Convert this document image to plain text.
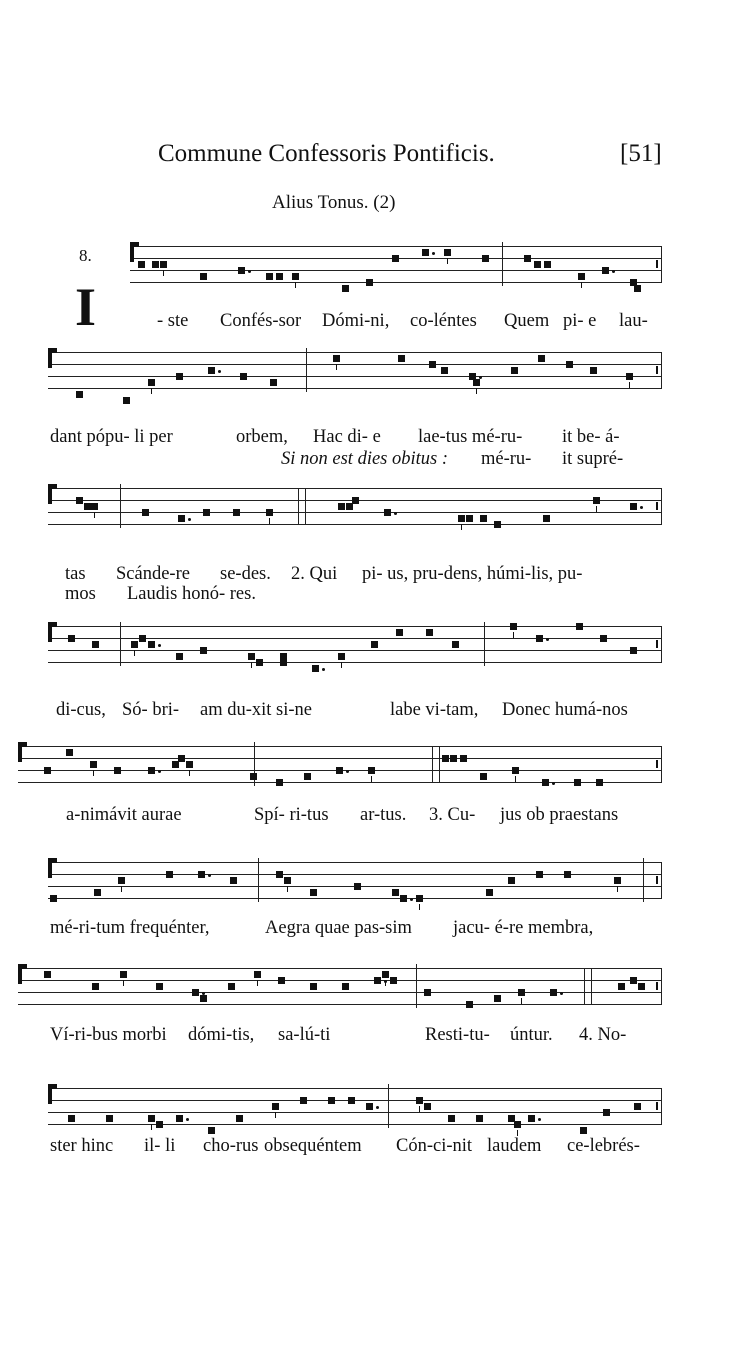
Commune Confessoris Pontificis.	[51]
Alius Tonus. (2)
8.
I	- ste Confés-sor Dómi-ni, co-léntes Quem pi- e lau-
dant pópu- li per	orbem, Hac di- e lae-tus mé-ru- it be- á-
Si non est dies obitus : mé-ru- it supré-
tas Scánde-re se-des. 2. Qui pi- us, pru-dens, húmi-lis, pu-
mos Laudis honó- res.
di-cus, Só- bri- am du-xit si-ne	labe vi-tam, Donec humá-nos
a-nimávit aurae	Spí- ri-tus ar-tus. 3. Cu- jus ob praestans
mé-ri-tum frequénter,	Aegra quae pas-sim jacu- é-re membra,
Ví-ri-bus morbi dómi-tis, sa-lú-ti	Resti-tu- úntur. 4. No-
ster hinc il- li cho-rus obsequéntem Cón-ci-nit laudem ce-lebrés-
